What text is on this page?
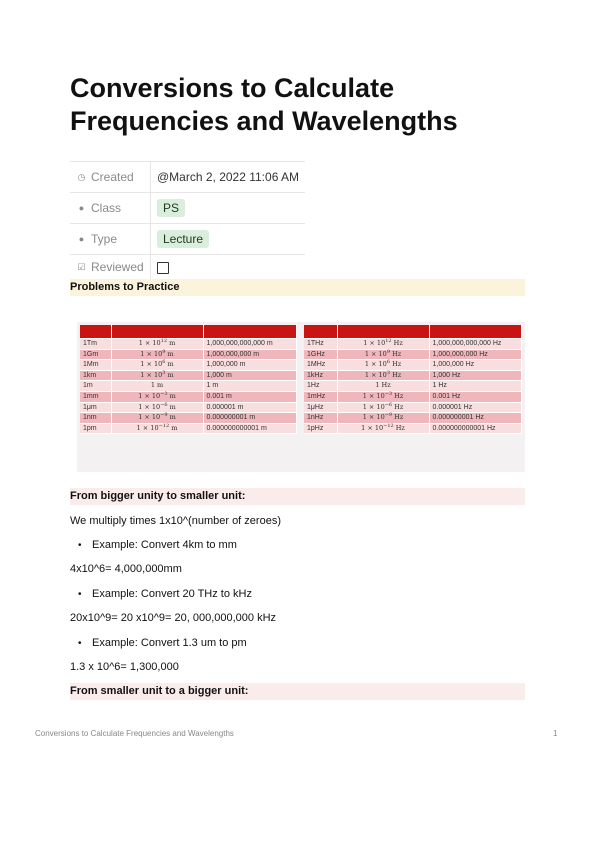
Conversions to Calculate Frequencies and Wavelengths
◷ Created	@March 2, 2022 11:06 AM
● Class	PS
● Type	Lecture
☑ Reviewed	
Problems to Practice

1Tm	$1 \times 10^{12}$ m	1,000,000,000,000 m
1Gm	$1 \times 10^9$ m	1,000,000,000 m
1Mm	$1 \times 10^6$ m	1,000,000 m
1km	$1 \times 10^3$ m	1,000 m
1m	1 m	1 m
1mm	$1 \times 10^{-3}$ m	0.001 m
1μm	$1 \times 10^{-6}$ m	0.000001 m
1nm	$1 \times 10^{-9}$ m	0.000000001 m
1pm	$1 \times 10^{-12}$ m	0.000000000001 m

1THz	$1 \times 10^{12}$ Hz	1,000,000,000,000 Hz
1GHz	$1 \times 10^9$ Hz	1,000,000,000 Hz
1MHz	$1 \times 10^6$ Hz	1,000,000 Hz
1kHz	$1 \times 10^3$ Hz	1,000 Hz
1Hz	1 Hz	1 Hz
1mHz	$1 \times 10^{-3}$ Hz	0.001 Hz
1μHz	$1 \times 10^{-6}$ Hz	0.000001 Hz
1nHz	$1 \times 10^{-9}$ Hz	0.000000001 Hz
1pHz	$1 \times 10^{-12}$ Hz	0.000000000001 Hz
From bigger unity to smaller unit:
We multiply times 1x10^(number of zeroes)
• Example: Convert 4km to mm
4x10^6= 4,000,000mm
• Example: Convert 20 THz to kHz
20x10^9= 20 x10^9= 20, 000,000,000 kHz
• Example: Convert 1.3 um to pm
1.3 x 10^6= 1,300,000
From smaller unit to a bigger unit:
Conversions to Calculate Frequencies and Wavelengths	1
